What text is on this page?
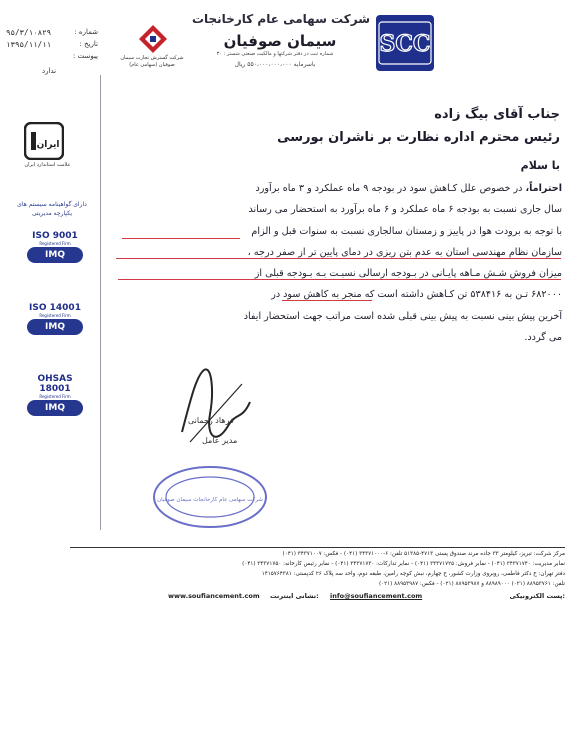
SCC
شرکت سهامی عام کارخانجات
سیمان صوفیان
شماره ثبت در دفتر شرکتها و مالکیت صنعتی شستر : ۳۰
باسرمایه ۵۵۰،۰۰۰،۰۰۰،۰۰۰ ریال
شرکت گسترش تجارت سیمان صوفیان (سهامی عام)
شماره :
۹۵/۳/۱۰۸۲۹
تاریخ :
۱۳۹۵/۱۱/۱۱
پیوست :
ندارد
ایران
علامت استاندارد ایران
دارای گواهینامه سیستم های
یکپارچه مدیریتی
ISO 9001
Registered Firm
IMQ
ISO 14001
Registered Firm
IMQ
OHSAS 18001
Registered Firm
IMQ
جناب آقای بیگ زاده
رئیس محترم اداره نظارت بر ناشران بورسی
با سلام
احتراماً، در خصوص علل کـاهش سود در بودجه ۹ ماه عملکرد و ۳ ماه برآورد
سال جاری نسبت به بودجه ۶ ماه عملکرد و ۶ ماه برآورد به استحضار می رساند
با توجه به برودت هوا در پاییز و زمستان سالجاری نسبت به سنوات قبل و الزام
سازمان نظام مهندسی استان به عدم بتن ریزی در دمای پایین تر از صفر درجه ،
میزان فروش شـش مـاهه پایـانی در بـودجه ارسالی نسبـت بـه بـودجه قبلی از
۶۸۲۰۰۰ تـن به ۵۳۸۴۱۶ تن کـاهش داشته است که منجر به کاهش سود در
آخرین پیش بینی نسبت به پیش بینی قبلی شده است مراتب جهت استحضار ایفاد
می گردد.
فرهاد رحمانی
مدیر عامل
شرکت سهامی عام کارخانجات سیمان صوفیان
مرکز شرکت: تبریز، کیلومتر ۳۳ جاده مرند صندوق پستی ۴۷۱۳-۵۱۳۸۵ تلفن: ۶-۳۴۳۷۱۰۰۰ (۰۴۱) - فکس: ۳۴۳۷۱۰۰۷ (۰۴۱)
نمابر مدیریت: ۳۴۳۷۱۷۴۰ (۰۴۱) - نمابر فروش: ۳۴۳۷۱۷۲۵ (۰۴۱) - نمابر تدارکات: ۳۴۳۷۱۷۳۰ (۰۴۱) - نمابر رئیس کارخانه: ۳۴۳۷۱۷۵۰ (۰۴۱)
دفتر تهران: خ دکتر فاطمی، روبروی وزارت کشور، خ چهارم، نبش کوچه رامین، طبقه دوم، واحد سه پلاک ۲۶ کدپستی: ۱۴۱۵۷۶۴۳۸۱
تلفن: ۸۸۹۵۳۷۶۱ (۰۲۱) ۸۸۹۸۹۰۰۰ و ۸۸۹۵۳۹۸۷ (۰۲۱) - فکس: ۸۸۹۵۳۹۸۷ (۰۲۱)
www.soufiancement.com نشانی اینترنت: info@soufiancement.com	پست الکترونیکی:
